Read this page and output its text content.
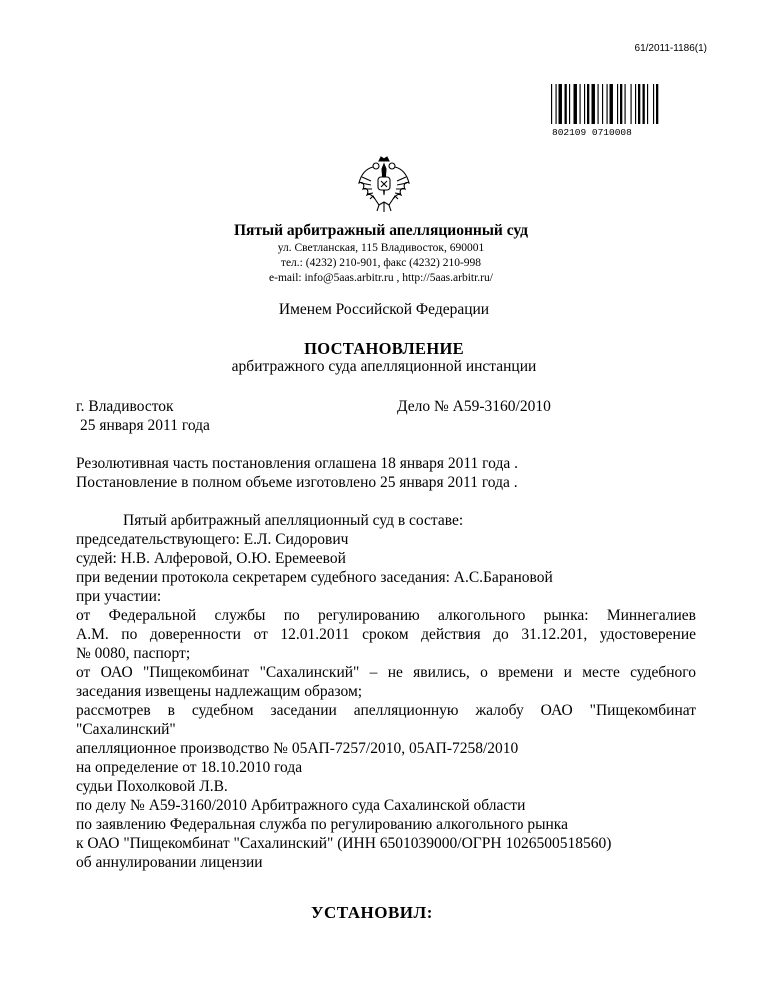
61/2011-1186(1)
802109 0710008
Пятый арбитражный апелляционный суд
ул. Светланская, 115 Владивосток, 690001
тел.: (4232) 210-901, факс (4232) 210-998
e-mail: info@5aas.arbitr.ru , http://5aas.arbitr.ru/
Именем Российской Федерации
ПОСТАНОВЛЕНИЕ
арбитражного суда апелляционной инстанции
г. Владивосток	Дело № А59-3160/2010
25 января 2011 года
Резолютивная часть постановления оглашена 18 января 2011 года .
Постановление в полном объеме изготовлено 25 января 2011 года .
Пятый арбитражный апелляционный суд в составе:
председательствующего: Е.Л. Сидорович
судей: Н.В. Алферовой, О.Ю. Еремеевой
при ведении протокола секретарем судебного заседания: А.С.Барановой
при участии:
от Федеральной службы по регулированию алкогольного рынка: Миннегалиев
А.М. по доверенности от 12.01.2011 сроком действия до 31.12.201, удостоверение
№ 0080, паспорт;
от ОАО "Пищекомбинат "Сахалинский" – не явились, о времени и месте судебного
заседания извещены надлежащим образом;
рассмотрев в судебном заседании апелляционную жалобу ОАО "Пищекомбинат
"Сахалинский"
апелляционное производство № 05АП-7257/2010, 05АП-7258/2010
на определение от 18.10.2010 года
судьи Похолковой Л.В.
по делу № А59-3160/2010 Арбитражного суда Сахалинской области
по заявлению Федеральная служба по регулированию алкогольного рынка
к ОАО "Пищекомбинат "Сахалинский" (ИНН 6501039000/ОГРН 1026500518560)
об аннулировании лицензии
УСТАНОВИЛ:
